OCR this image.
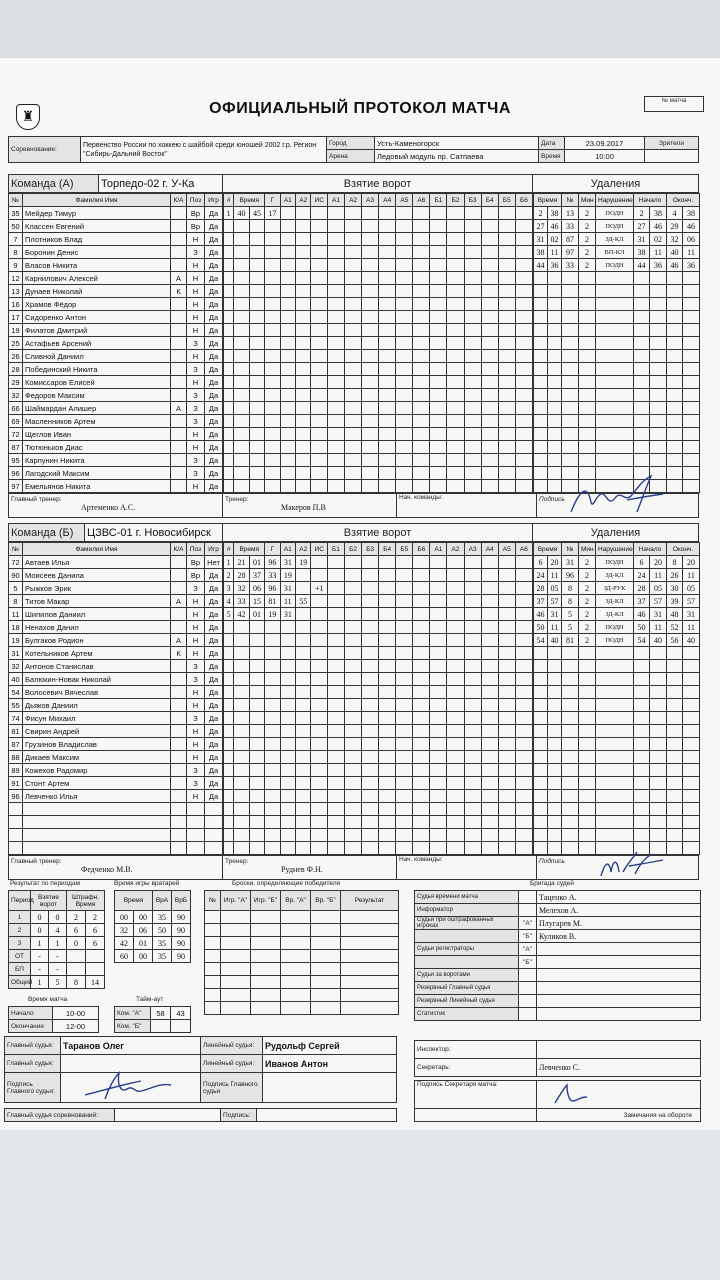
♜	ОФИЦИАЛЬНЫЙ ПРОТОКОЛ МАТЧА	№ матча
Соревнование:	Первенство России по хоккею с шайбой среди юношей 2002 г.р. Регион "Сибирь-Дальний Восток"	Город	Усть-Каменогорск	Дата	23.09.2017	Зрители
		Арена	Ледовый модуль пр. Сатпаева	Время	10:00	
Команда (А)	Торпедо-02 г. У-Ка	Взятие ворот	Удаления
№	Фамилия Имя	К/А	Поз	Игр
35	Мейдер Тимур		Вр	Да
50	Классен Евгений		Вр	Да
7	Плотников Влад		Н	Да
8	Боронин Денис		З	Да
9	Власов Никита		Н	Да
12	Карнилович Алексей	А	Н	Да
13	Дунаев Николай	К	Н	Да
16	Храмов Фёдор		Н	Да
17	Сидоренко Антон		Н	Да
19	Филатов Дмитрий		Н	Да
25	Астафьев Арсений		З	Да
26	Сливной Даниил		Н	Да
28	Побединский Никита		З	Да
29	Комиссаров Елисей		Н	Да
32	Федоров Максим		З	Да
66	Шаймардан Алишер	А	З	Да
69	Масленников Артем		З	Да
72	Щеглов Иван		Н	Да
87	Тютюньков Диас		Н	Да
95	Карпунин Никита		З	Да
96	Лагодский Максим		З	Да
97	Емельянов Никита		Н	Да
#	Время		Г	А1	А2	ИС	А1	А2	А3	А4	А5	А6	Б1	Б2	Б3	Б4	Б5	Б6
1	40	45	17															

Время		№	Мин	Нарушение	Начало		Оконч.	
2	38	13	2	ПОДН	2	38	4	38
27	46	33	2	ПОДН	27	46	29	46
31	02	87	2	ЗД-КЛ	31	02	32	06
38	11	97	2	ВП-КЛ	38	11	40	11
44	36	33	2	ПОДН	44	36	46	36

Главный тренер:
Артеменко А.С.	Тренер:
Макеров П.В	Нач. команды:	Подпись
Команда (Б)	ЦЗВС-01 г. Новосибирск	Взятие ворот	Удаления
№	Фамилия Имя	К/А	Поз	Игр
72	Автаев Илья		Вр	Нет
90	Моисеев Данила		Вр	Да
5	Рыжков Эрик		З	Да
8	Титов Макар	А	Н	Да
11	Шипилов Даниил		Н	Да
18	Ненахов Данил		Н	Да
19	Булгаков Родион	А	Н	Да
31	Котельников Артем	К	Н	Да
32	Антонов Станислав		З	Да
40	Балюкин-Новак Николай		З	Да
54	Волосевич Вячеслав		Н	Да
55	Дьяков Даниил		Н	Да
74	Фисун Михаил		З	Да
81	Свирин Андрей		Н	Да
87	Грузинов Владислав		Н	Да
88	Дикаев Максим		Н	Да
89	Кожехов Радомир		З	Да
91	Стонт Артем		З	Да
96	Левченко Илья		Н	Да

#	Время		Г	А1	А2	ИС	Б1	Б2	Б3	Б4	Б5	Б6	А1	А2	А3	А4	А5	А6
1	21	01	96	31	19													
2	28	37	33	19														
3	32	06	96	31		+1												
4	33	15	81	11	55													
5	42	01	19	31														

Время		№	Мин	Нарушение	Начало		Оконч.	
6	20	31	2	ПОДН	6	20	8	20
24	11	96	2	ЗД-КЛ	24	11	26	11
28	05	8	2	ЗД-РУК	28	05	30	05
37	57	8	2	ЗД-КЛ	37	57	39	57
46	31	5	2	ЗД-КЛ	46	31	48	31
50	11	5	2	ПОДН	50	11	52	11
54	40	81	2	ПОДН	54	40	56	40

Главный тренер:
Федченко М.В.	Тренер:
Руднев Ф.Н.	Нач. команды:	Подпись
Результат по периодам
Период	Взятие ворот		Штрафн. Время	
1	0	0	2	2
2	0	4	6	6
3	1	1	0	6
ОТ	-	-		
БП	-	-		
Общий	1	5	8	14
Время игры вратарей
Время		ВрА	ВрБ
00	00	35	90
32	06	50	90
42	01	35	90
60	00	35	90
Время матча
Начало	10-00
Окончание	12-00
Тайм-аут
Ком. "А"	58	43
Ком. "Б"		
Броски, определяющие победителя
№	Игр. "А"	Игр. "Б"	Вр. "А"	Вр. "Б"	Результат

Бригада судей
Судья времени матча		Таценко А.
Информатор		Мелехов А.
Судьи при оштрафованных игроках	"А"	Плугарев М.
	"Б"	Куликов В.
Судьи регистраторы	"А"	
	"Б"	
Судьи за воротами		
Резервный Главный судья		
Резервный Линейный судья		
Статистик		
Главный судья:	Таранов Олег	Линейный судья:	Рудольф Сергей
Главный судья:		Линейный судья:	Иванов Антон
Подпись Главного судьи:		Подпись Главного судьи	
Главный судья соревнований:		Подпись:	
Инспектор:	
Секретарь:	Левченко С.
Подпись Секретаря матча:	

	Замечания на обороте
